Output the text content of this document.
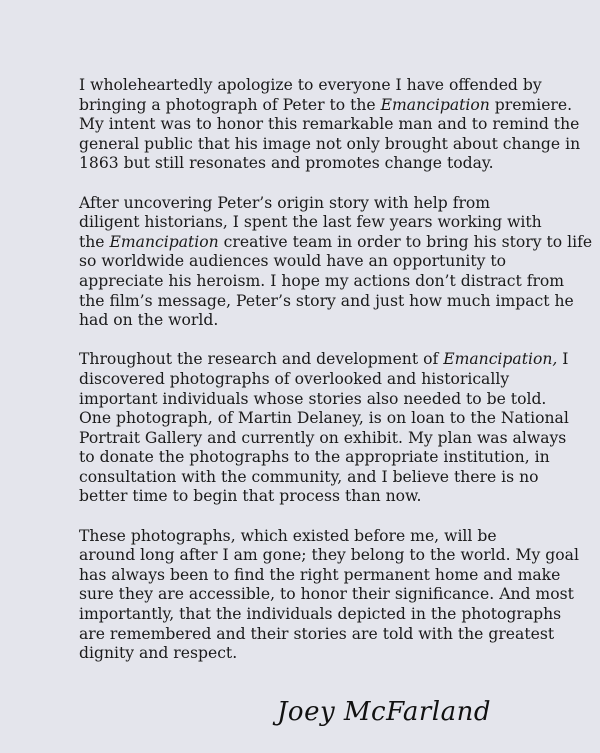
I wholeheartedly apologize to everyone I have offended by
bringing a photograph of Peter to the Emancipation premiere.
My intent was to honor this remarkable man and to remind the
general public that his image not only brought about change in
1863 but still resonates and promotes change today.

After uncovering Peter’s origin story with help from
diligent historians, I spent the last few years working with
the Emancipation creative team in order to bring his story to life
so worldwide audiences would have an opportunity to
appreciate his heroism. I hope my actions don’t distract from
the film’s message, Peter’s story and just how much impact he
had on the world.

Throughout the research and development of Emancipation, I
discovered photographs of overlooked and historically
important individuals whose stories also needed to be told.
One photograph, of Martin Delaney, is on loan to the National
Portrait Gallery and currently on exhibit. My plan was always
to donate the photographs to the appropriate institution, in
consultation with the community, and I believe there is no
better time to begin that process than now.

These photographs, which existed before me, will be
around long after I am gone; they belong to the world. My goal
has always been to find the right permanent home and make
sure they are accessible, to honor their significance. And most
importantly, that the individuals depicted in the photographs
are remembered and their stories are told with the greatest
dignity and respect.

Joey McFarland
